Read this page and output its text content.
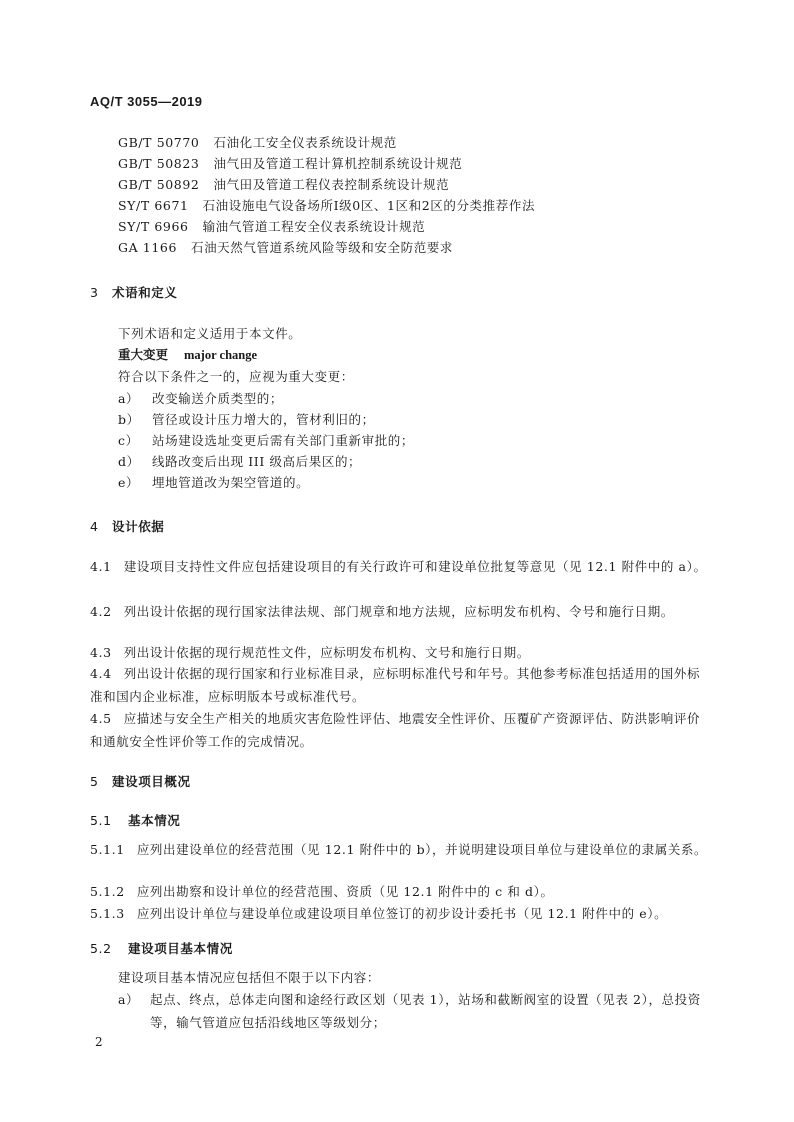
AQ/T 3055—2019
GB/T 50770 石油化工安全仪表系统设计规范
GB/T 50823 油气田及管道工程计算机控制系统设计规范
GB/T 50892 油气田及管道工程仪表控制系统设计规范
SY/T 6671 石油设施电气设备场所Ⅰ级0区、1区和2区的分类推荐作法
SY/T 6966 输油气管道工程安全仪表系统设计规范
GA 1166 石油天然气管道系统风险等级和安全防范要求
3 术语和定义
下列术语和定义适用于本文件。
重大变更 major change
符合以下条件之一的，应视为重大变更：
a） 改变输送介质类型的；
b） 管径或设计压力增大的，管材利旧的；
c） 站场建设选址变更后需有关部门重新审批的；
d） 线路改变后出现 III 级高后果区的；
e） 埋地管道改为架空管道的。
4 设计依据
4.1 建设项目支持性文件应包括建设项目的有关行政许可和建设单位批复等意见（见 12.1 附件中的 a）。
4.2 列出设计依据的现行国家法律法规、部门规章和地方法规，应标明发布机构、令号和施行日期。
4.3 列出设计依据的现行规范性文件，应标明发布机构、文号和施行日期。
4.4 列出设计依据的现行国家和行业标准目录，应标明标准代号和年号。其他参考标准包括适用的国外标准和国内企业标准，应标明版本号或标准代号。
4.5 应描述与安全生产相关的地质灾害危险性评估、地震安全性评价、压覆矿产资源评估、防洪影响评价和通航安全性评价等工作的完成情况。
5 建设项目概况
5.1 基本情况
5.1.1 应列出建设单位的经营范围（见 12.1 附件中的 b），并说明建设项目单位与建设单位的隶属关系。
5.1.2 应列出勘察和设计单位的经营范围、资质（见 12.1 附件中的 c 和 d）。
5.1.3 应列出设计单位与建设单位或建设项目单位签订的初步设计委托书（见 12.1 附件中的 e）。
5.2 建设项目基本情况
建设项目基本情况应包括但不限于以下内容：
a） 起点、终点，总体走向图和途经行政区划（见表 1），站场和截断阀室的设置（见表 2），总投资等，输气管道应包括沿线地区等级划分；
2
